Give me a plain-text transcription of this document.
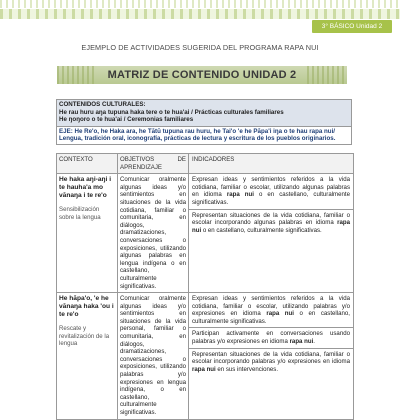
3° BÁSICO Unidad 2
EJEMPLO DE ACTIVIDADES SUGERIDA DEL PROGRAMA RAPA NUI
MATRIZ DE CONTENIDO UNIDAD 2
CONTENIDOS CULTURALES:
He rau huru aŋa tupuna haka tere o te hua'ai / Prácticas culturales familiares
He ŋoŋoro o te hua'ai / Ceremonias familiares
EJE: He Re'o, he Haka ara, he Tātū tupuna rau huru, he Tai'o 'e he Pāpa'i iŋa o te hau rapa nui/ Lengua, tradición oral, iconografía, prácticas de lectura y escritura de los pueblos originarios.
CONTEXTO	OBJETIVOS DE APRENDIZAJE
INDICADORES
He haka aŋi-aŋi i te hauha'a mo vānaŋa i te re'o
Sensibilización sobre la lengua
Comunicar oralmente algunas ideas y/o sentimientos en situaciones de la vida cotidiana, familiar o comunitaria, en diálogos, dramatizaciones, conversaciones o exposiciones, utilizando algunas palabras en lengua indígena o en castellano, culturalmente significativas.
Expresan ideas y sentimientos referidos a la vida cotidiana, familiar o escolar, utilizando algunas palabras en idioma rapa nui o en castellano, culturalmente significativas.
Representan situaciones de la vida cotidiana, familiar o escolar incorporando algunas palabras en idioma rapa nui o en castellano, culturalmente significativas.
He hāpa'o, 'e he vānaŋa haka 'ou i te re'o
Rescate y revitalización de la lengua
Comunicar oralmente algunas ideas y/o sentimientos en situaciones de la vida personal, familiar o comunitaria, en diálogos, dramatizaciones, conversaciones o exposiciones, utilizando palabras y/o expresiones en lengua indígena, o en castellano, culturalmente significativas.
Expresan ideas y sentimientos referidos a la vida cotidiana, familiar o escolar, utilizando palabras y/o expresiones en idioma rapa nui o en castellano, culturalmente significativas.
Participan activamente en conversaciones usando palabras y/o expresiones en idioma rapa nui.
Representan situaciones de la vida cotidiana, familiar o escolar incorporando palabras y/o expresiones en idioma rapa nui en sus intervenciones.
